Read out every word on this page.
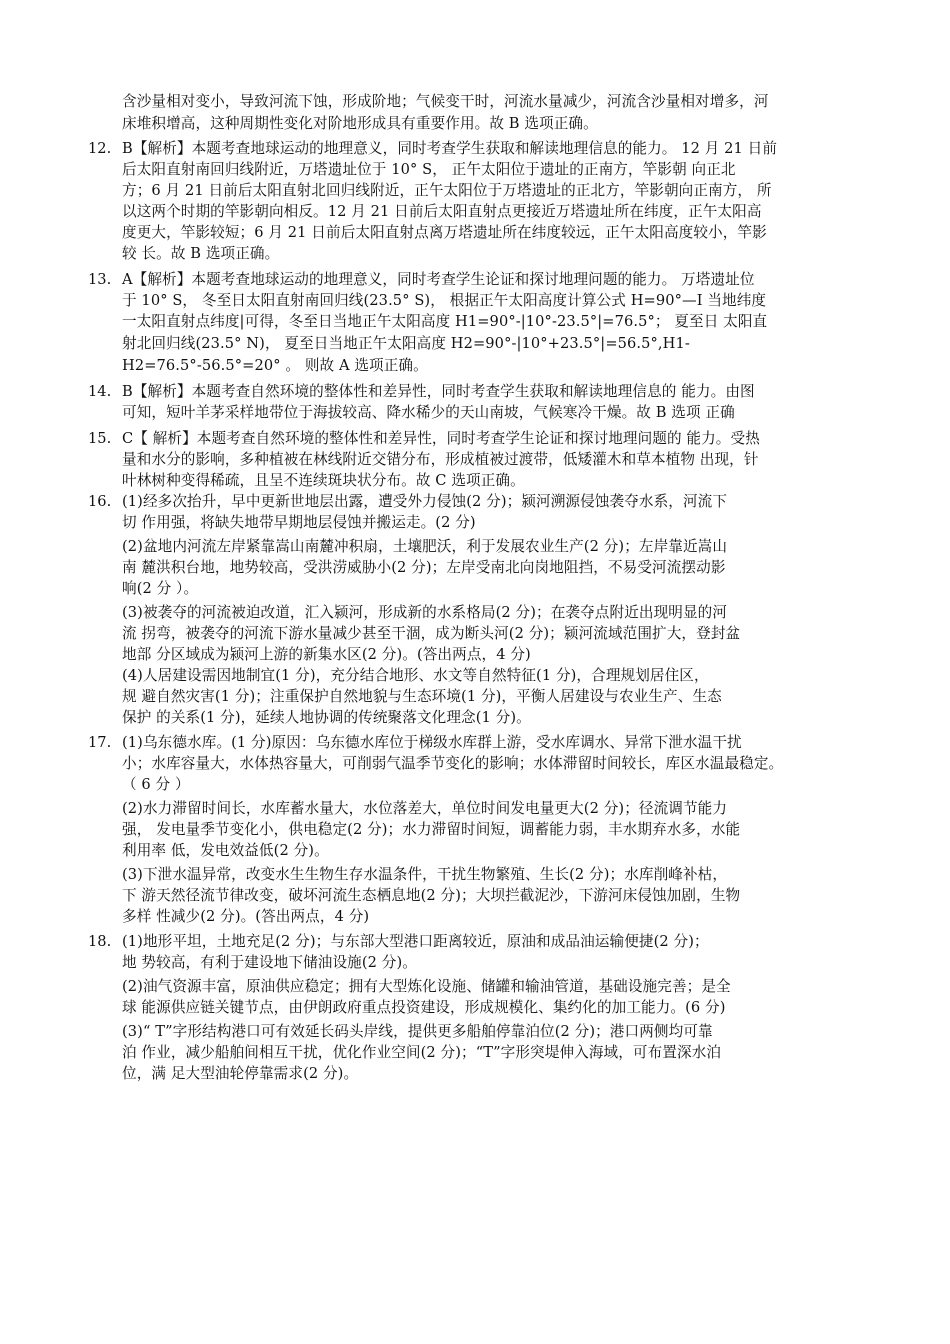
含沙量相对变小，导致河流下蚀，形成阶地；气候变干时，河流水量减少，河流含沙量相对增多，河
床堆积增高，这种周期性变化对阶地形成具有重要作用。故 B 选项正确。
12. B【解析】本题考查地球运动的地理意义，同时考查学生获取和解读地理信息的能力。 12 月 21 日前
后太阳直射南回归线附近，万塔遗址位于 10° S， 正午太阳位于遗址的正南方，竿影朝 向正北
方；6 月 21 日前后太阳直射北回归线附近，正午太阳位于万塔遗址的正北方，竿影朝向正南方， 所
以这两个时期的竿影朝向相反。12 月 21 日前后太阳直射点更接近万塔遗址所在纬度，正午太阳高
度更大，竿影较短；6 月 21 日前后太阳直射点离万塔遗址所在纬度较远，正午太阳高度较小，竿影
较 长。故 B 选项正确。
13. A【解析】本题考查地球运动的地理意义，同时考查学生论证和探讨地理问题的能力。 万塔遗址位
于 10° S， 冬至日太阳直射南回归线(23.5° S)， 根据正午太阳高度计算公式 H=90°—I 当地纬度
一太阳直射点纬度|可得，冬至日当地正午太阳高度 H1=90°-|10°-23.5°|=76.5°； 夏至日 太阳直
射北回归线(23.5° N)， 夏至日当地正午太阳高度 H2=90°-|10°+23.5°|=56.5°,H1-
H2=76.5°-56.5°=20° 。 则故 A 选项正确。
14. B【解析】本题考查自然环境的整体性和差异性，同时考查学生获取和解读地理信息的 能力。由图
可知，短叶羊茅采样地带位于海拔较高、降水稀少的天山南坡，气候寒冷干燥。故 B 选项 正确
15. C【 解析】本题考查自然环境的整体性和差异性，同时考查学生论证和探讨地理问题的 能力。受热
量和水分的影响，多种植被在林线附近交错分布，形成植被过渡带，低矮灌木和草本植物 出现，针
叶林树种变得稀疏，且呈不连续斑块状分布。故 C 选项正确。
16. (1)经多次抬升，早中更新世地层出露，遭受外力侵蚀(2 分)；颍河溯源侵蚀袭夺水系，河流下
切 作用强，将缺失地带早期地层侵蚀并搬运走。(2 分)
(2)盆地内河流左岸紧靠嵩山南麓冲积扇，土壤肥沃，利于发展农业生产(2 分)；左岸靠近嵩山
南 麓洪积台地，地势较高，受洪涝威胁小(2 分)；左岸受南北向岗地阻挡，不易受河流摆动影
响(2 分 ）。
(3)被袭夺的河流被迫改道，汇入颍河，形成新的水系格局(2 分)；在袭夺点附近出现明显的河
流 拐弯，被袭夺的河流下游水量减少甚至干涸，成为断头河(2 分)；颍河流域范围扩大，登封盆
地部 分区域成为颍河上游的新集水区(2 分)。(答出两点，4 分)
(4)人居建设需因地制宜(1 分)，充分结合地形、水文等自然特征(1 分)，合理规划居住区，
规 避自然灾害(1 分)；注重保护自然地貌与生态环境(1 分)，平衡人居建设与农业生产、生态
保护 的关系(1 分)，延续人地协调的传统聚落文化理念(1 分)。
17. (1)乌东德水库。(1 分)原因：乌东德水库位于梯级水库群上游，受水库调水、异常下泄水温干扰
小；水库容量大，水体热容量大，可削弱气温季节变化的影响；水体滞留时间较长，库区水温最稳定。
（ 6 分 ）
(2)水力滞留时间长，水库蓄水量大，水位落差大，单位时间发电量更大(2 分)；径流调节能力
强， 发电量季节变化小，供电稳定(2 分)；水力滞留时间短，调蓄能力弱，丰水期弃水多，水能
利用率 低，发电效益低(2 分)。
(3)下泄水温异常，改变水生生物生存水温条件，干扰生物繁殖、生长(2 分)；水库削峰补枯，
下 游天然径流节律改变，破坏河流生态栖息地(2 分)；大坝拦截泥沙，下游河床侵蚀加剧，生物
多样 性减少(2 分)。(答出两点，4 分)
18. (1)地形平坦，土地充足(2 分)；与东部大型港口距离较近，原油和成品油运输便捷(2 分)；
地 势较高，有利于建设地下储油设施(2 分)。
(2)油气资源丰富，原油供应稳定；拥有大型炼化设施、储罐和输油管道，基础设施完善；是全
球 能源供应链关键节点，由伊朗政府重点投资建设，形成规模化、集约化的加工能力。(6 分)
(3)“ T”字形结构港口可有效延长码头岸线，提供更多船舶停靠泊位(2 分)；港口两侧均可靠
泊 作业，减少船舶间相互干扰，优化作业空间(2 分)；“T”字形突堤伸入海域，可布置深水泊
位，满 足大型油轮停靠需求(2 分)。
